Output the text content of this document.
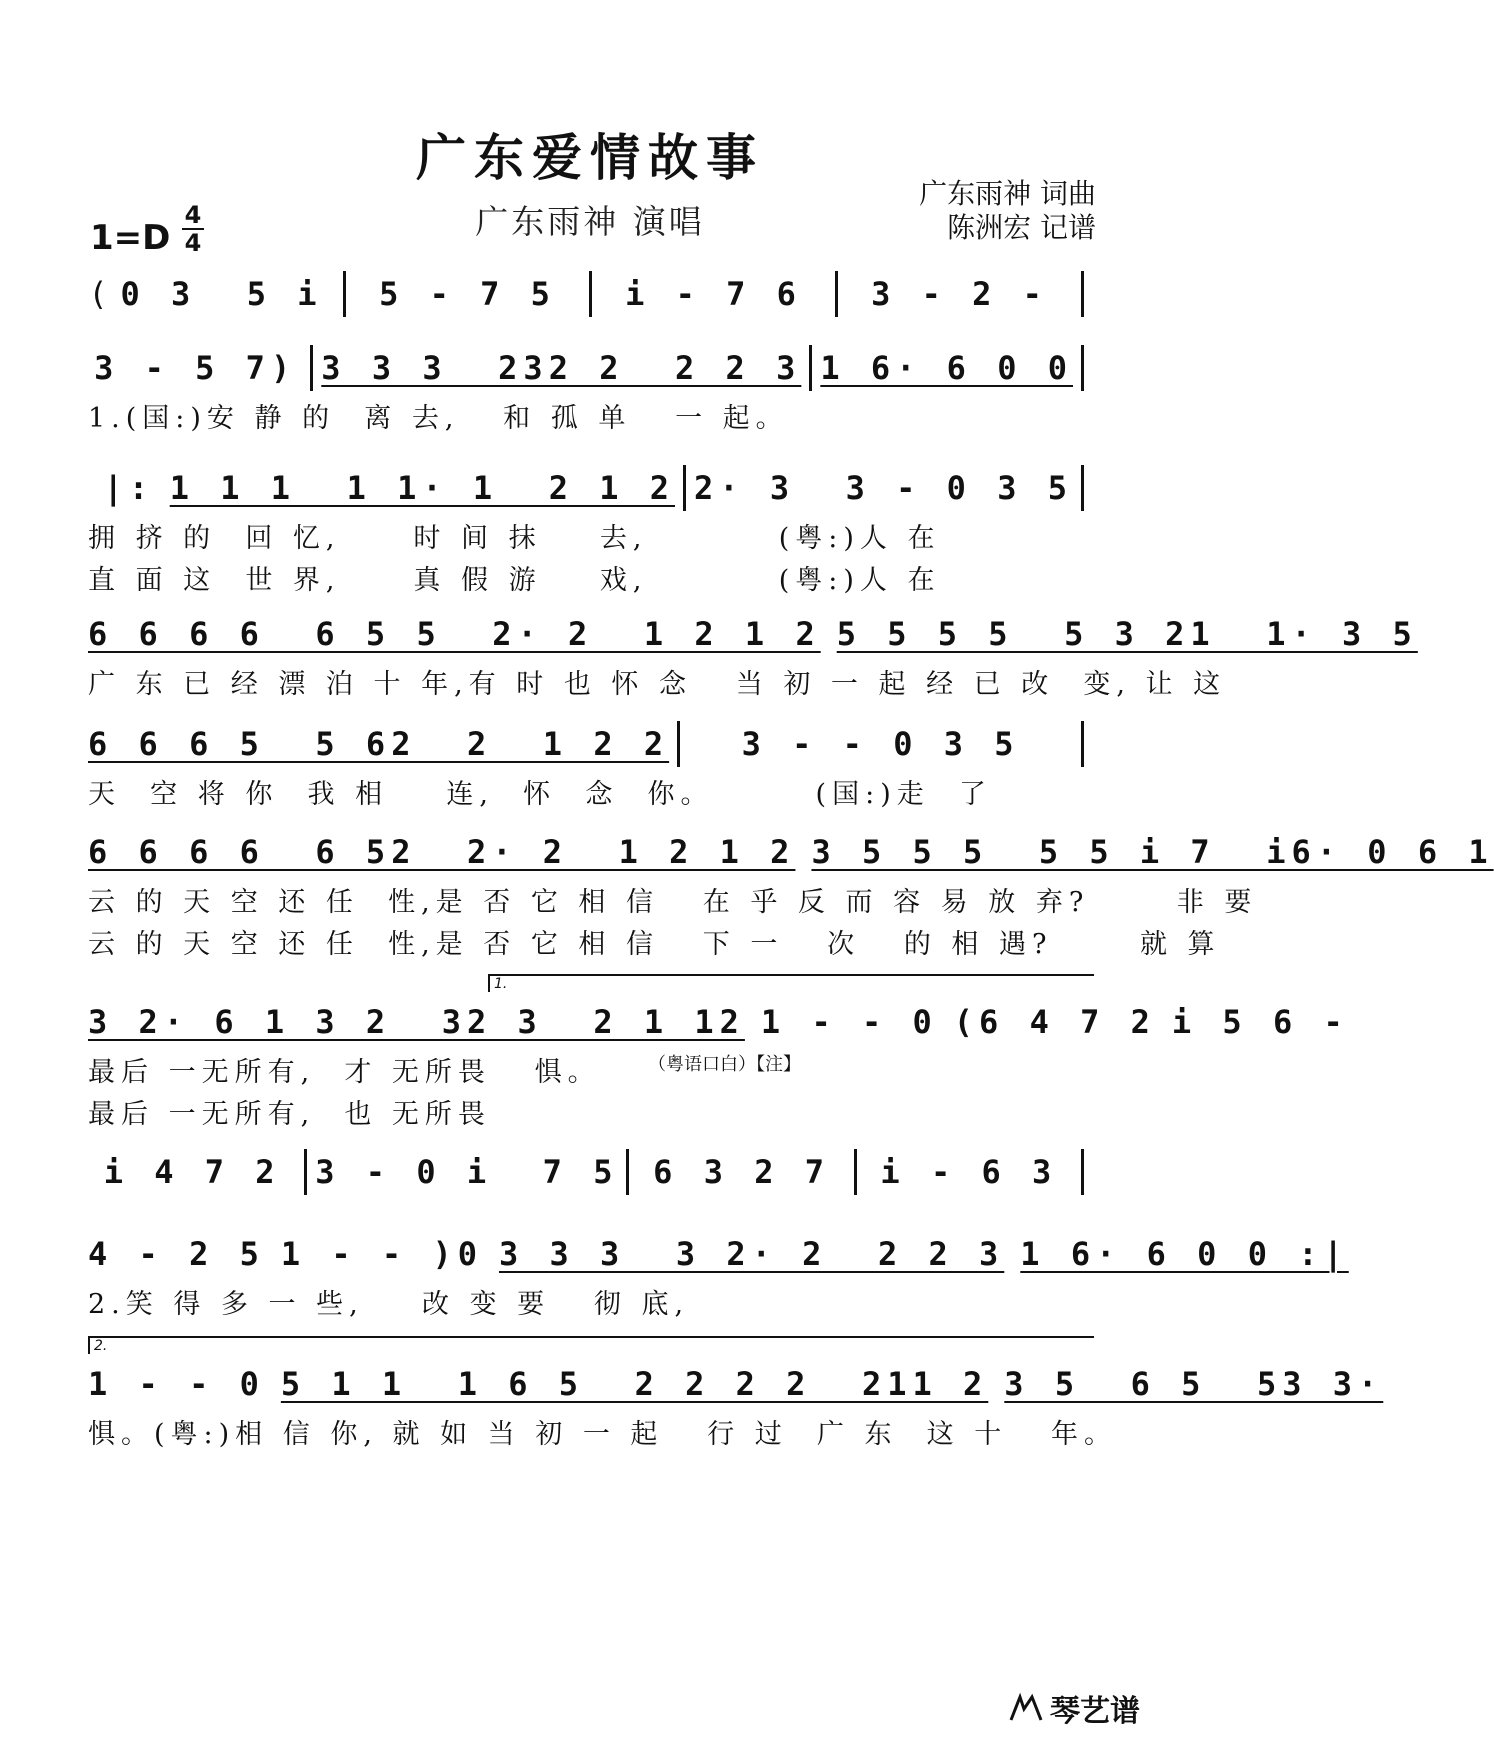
广东爱情故事
广东雨神 演唱
广东雨神 词曲
陈洲宏 记谱
1=D
4
4
( 0 3  5 i	5 - 7 5	i - 7 6	3 - 2 -
3 - 5 7) 3 3 3  232 2  2 2 3 1 6· 6 0 0
1.(国:)安 静 的  离 去,   和 孤 单   一 起。
|: 1 1 1  1 1· 1  2 1 2 2· 3  3 - 0 3 5
拥 挤 的  回 忆,     时 间 抹    去,         (粤:)人 在
直 面 这  世 界,     真 假 游    戏,         (粤:)人 在
6 6 6 6  6 5 5  2· 2  1 2 1 2 5 5 5 5  5 3 21  1· 3 5
广 东 已 经 漂 泊 十 年,有 时 也 怀 念   当 初 一 起 经 已 改  变, 让 这
6 6 6 5  5 62  2  1 2 2	3 - - 0 3 5
天  空 将 你  我 相    连,  怀  念  你。       (国:)走  了
6 6 6 6  6 52  2· 2  1 2 1 2 3 5 5 5  5 5 i 7  i6· 0 6 1
云 的 天 空 还 任  性,是 否 它 相 信   在 乎 反 而 容 易 放 弃?      非 要
云 的 天 空 还 任  性,是 否 它 相 信   下 一   次   的 相 遇?      就 算
1.
3 2· 6 1 3 2  32 3  2 1 12 1 - - 0 (6 4 7 2 i 5 6 -
最后 一无所有,  才 无所畏   惧。
最后 一无所有,  也 无所畏
（粤语口白）【注】
i 4 7 2	3 - 0 i  7 5	6 3 2 7	i - 6 3
4 - 2 5 1 - - )0 3 3 3  3 2· 2  2 2 3 1 6· 6 0 0 :|
2.笑 得 多 一 些,    改 变 要   彻 底,
2.
1 - - 0 5 1 1  1 6 5  2 2 2 2  211 2 3 5  6 5  53 3·
惧。(粤:)相 信 你, 就 如 当 初 一 起   行 过  广 东  这 十   年。
琴艺谱
